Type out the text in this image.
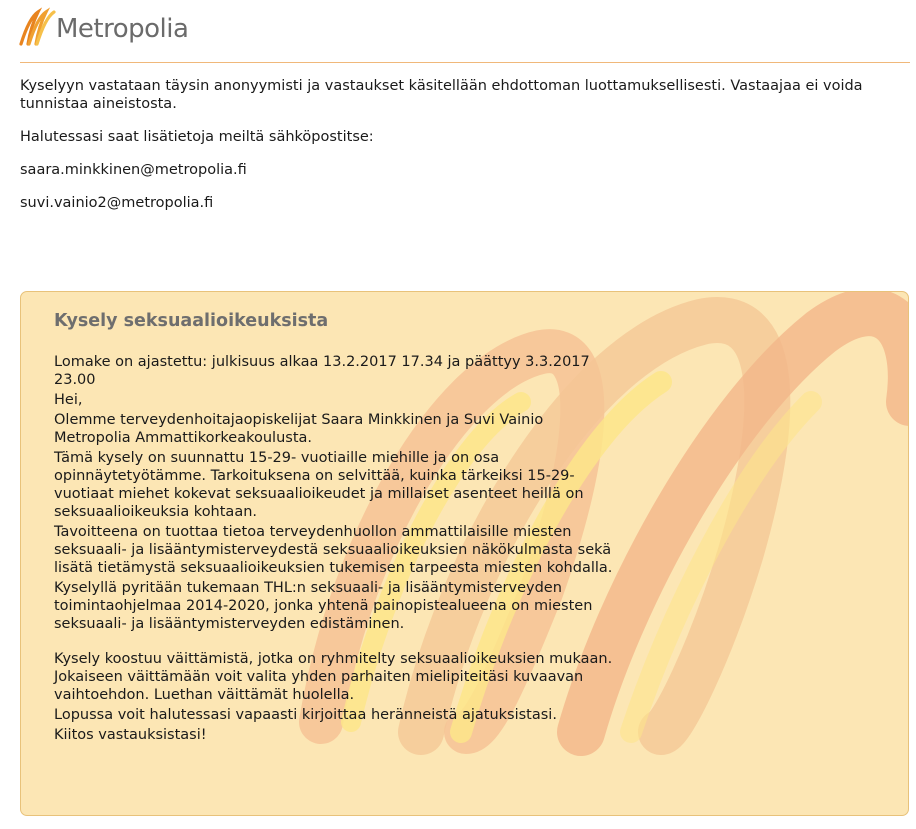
Metropolia

Kyselyyn vastataan täysin anonyymisti ja vastaukset käsitellään ehdottoman luottamuksellisesti. Vastaajaa ei voida tunnistaa aineistosta.

Halutessasi saat lisätietoja meiltä sähköpostitse:

saara.minkkinen@metropolia.fi

suvi.vainio2@metropolia.fi

Kysely seksuaalioikeuksista

Lomake on ajastettu: julkisuus alkaa 13.2.2017 17.34 ja päättyy 3.3.2017 23.00

Hei,

Olemme terveydenhoitajaopiskelijat Saara Minkkinen ja Suvi Vainio Metropolia Ammattikorkeakoulusta.

Tämä kysely on suunnattu 15-29- vuotiaille miehille ja on osa opinnäytetyötämme. Tarkoituksena on selvittää, kuinka tärkeiksi 15-29- vuotiaat miehet kokevat seksuaalioikeudet ja millaiset asenteet heillä on seksuaalioikeuksia kohtaan.

Tavoitteena on tuottaa tietoa terveydenhuollon ammattilaisille miesten seksuaali- ja lisääntymisterveydestä seksuaalioikeuksien näkökulmasta sekä lisätä tietämystä seksuaalioikeuksien tukemisen tarpeesta miesten kohdalla.

Kyselyllä pyritään tukemaan THL:n seksuaali- ja lisääntymisterveyden toimintaohjelmaa 2014-2020, jonka yhtenä painopistealueena on miesten seksuaali- ja lisääntymisterveyden edistäminen.

Kysely koostuu väittämistä, jotka on ryhmitelty seksuaalioikeuksien mukaan. Jokaiseen väittämään voit valita yhden parhaiten mielipiteitäsi kuvaavan vaihtoehdon. Luethan väittämät huolella.

Lopussa voit halutessasi vapaasti kirjoittaa heränneistä ajatuksistasi.

Kiitos vastauksistasi!
